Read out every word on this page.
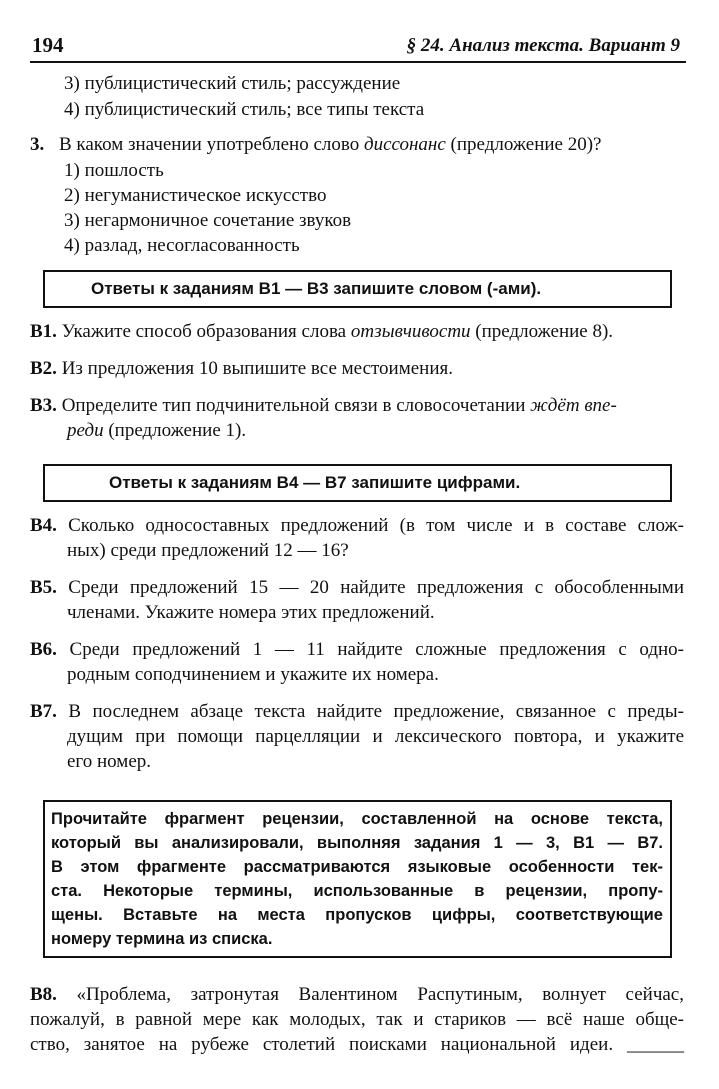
194	§ 24. Анализ текста. Вариант 9
3) публицистический стиль; рассуждение
4) публицистический стиль; все типы текста
3. В каком значении употреблено слово диссонанс (предложение 20)?
1) пошлость
2) негуманистическое искусство
3) негармоничное сочетание звуков
4) разлад, несогласованность
Ответы к заданиям В1 — В3 запишите словом (-ами).
В1. Укажите способ образования слова отзывчивости (предложение 8).
В2. Из предложения 10 выпишите все местоимения.
В3. Определите тип подчинительной связи в словосочетании ждёт впе-
реди (предложение 1).
Ответы к заданиям В4 — В7 запишите цифрами.
В4. Сколько односоставных предложений (в том числе и в составе слож-
ных) среди предложений 12 — 16?
В5. Среди предложений 15 — 20 найдите предложения с обособленными
членами. Укажите номера этих предложений.
В6. Среди предложений 1 — 11 найдите сложные предложения с одно-
родным соподчинением и укажите их номера.
В7. В последнем абзаце текста найдите предложение, связанное с преды-
дущим при помощи парцелляции и лексического повтора, и укажите
его номер.
Прочитайте фрагмент рецензии, составленной на основе текста,
который вы анализировали, выполняя задания 1 — 3, В1 — В7.
В этом фрагменте рассматриваются языковые особенности тек-
ста. Некоторые термины, использованные в рецензии, пропу-
щены. Вставьте на места пропусков цифры, соответствующие
номеру термина из списка.
В8. «Проблема, затронутая Валентином Распутиным, волнует сейчас,
пожалуй, в равной мере как молодых, так и стариков — всё наше обще-
ство, занятое на рубеже столетий поисками национальной идеи. ______
